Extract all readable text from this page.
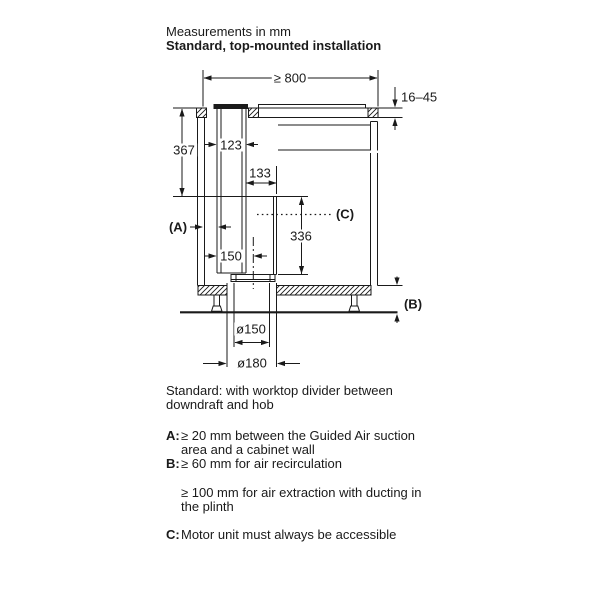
Measurements in mm
Standard, top-mounted installation
≥ 800
16–45
367 123
133
(A)
(C)
336
150
(B)
ø150
ø180
Standard: with worktop divider between downdraft and hob
A: ≥ 20 mm between the Guided Air suction area and a cabinet wall
B: ≥ 60 mm for air recirculation
≥ 100 mm for air extraction with ducting in the plinth
C: Motor unit must always be accessible
